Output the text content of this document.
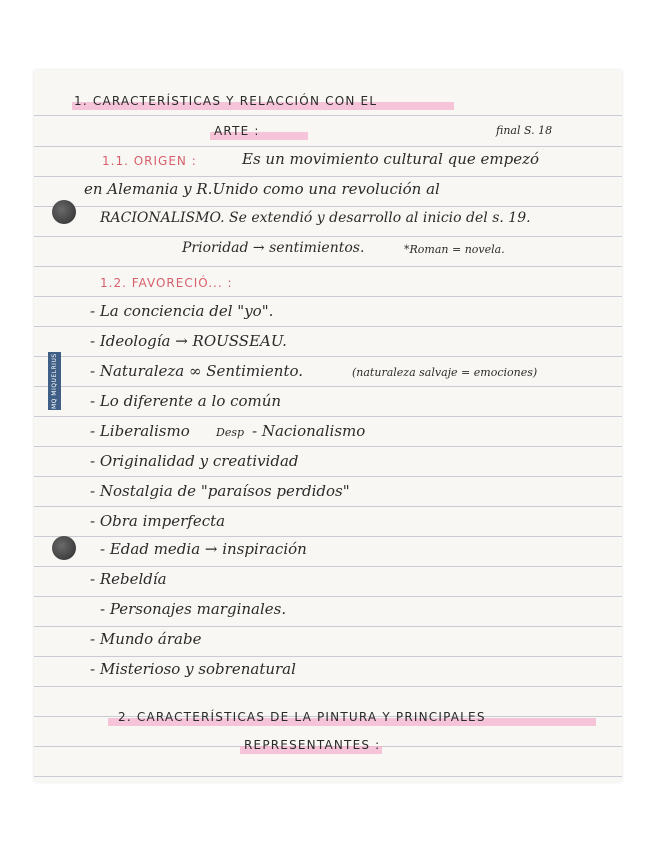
MQ MIQUELRIUS
1. CARACTERÍSTICAS Y RELACCIÓN CON EL
ARTE :	final S. 18
1.1. ORIGEN :	Es un movimiento cultural que empezó
en Alemania y R.Unido como una revolución al
RACIONALISMO. Se extendió y desarrollo al inicio del s. 19.
Prioridad → sentimientos.	*Roman = novela.
1.2. FAVORECIÓ... :
- La conciencia del "yo".
- Ideología → ROUSSEAU.
- Naturaleza ∞ Sentimiento.	(naturaleza salvaje = emociones)
- Lo diferente a lo común
- Liberalismo Desp - Nacionalismo
- Originalidad y creatividad
- Nostalgia de "paraísos perdidos"
- Obra imperfecta
- Edad media → inspiración
- Rebeldía
- Personajes marginales.
- Mundo árabe
- Misterioso y sobrenatural
2. CARACTERÍSTICAS DE LA PINTURA Y PRINCIPALES
REPRESENTANTES :
